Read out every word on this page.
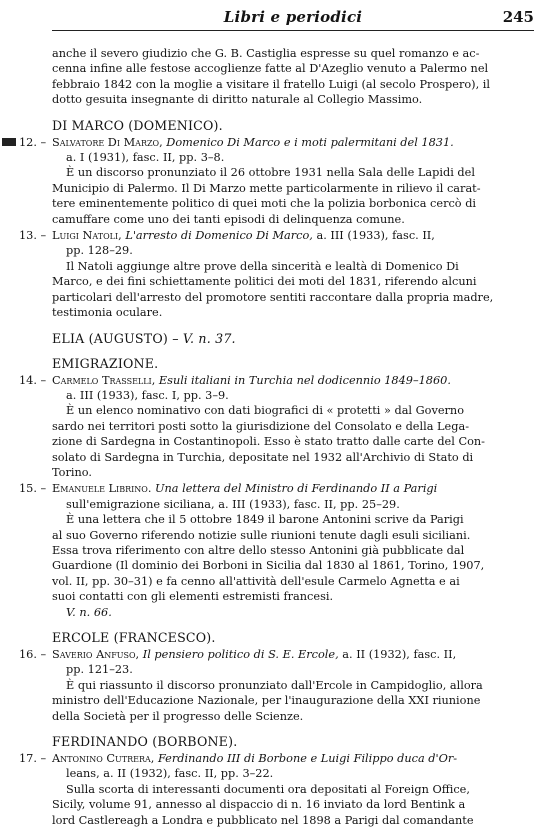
Libri e periodici	245

anche il severo giudizio che G. B. Castiglia espresse su quel romanzo e ac-

cenna infine alle festose accoglienze fatte al D'Azeglio venuto a Palermo nel

febbraio 1842 con la moglie a visitare il fratello Luigi (al secolo Prospero), il

dotto gesuita insegnante di diritto naturale al Collegio Massimo.

DI MARCO (DOMENICO).
12. – Salvatore Di Marzo, Domenico Di Marco e i moti palermitani del 1831.

a. I (1931), fasc. II, pp. 3–8.

È un discorso pronunziato il 26 ottobre 1931 nella Sala delle Lapidi del

Municipio di Palermo. Il Di Marzo mette particolarmente in rilievo il carat-

tere eminentemente politico di quei moti che la polizia borbonica cercò di

camuffare come uno dei tanti episodi di delinquenza comune.

13. – Luigi Natoli, L'arresto di Domenico Di Marco, a. III (1933), fasc. II,

pp. 128–29.

Il Natoli aggiunge altre prove della sincerità e lealtà di Domenico Di

Marco, e dei fini schiettamente politici dei moti del 1831, riferendo alcuni

particolari dell'arresto del promotore sentiti raccontare dalla propria madre,

testimonia oculare.

ELIA (AUGUSTO) – V. n. 37.
EMIGRAZIONE.
14. – Carmelo Trasselli, Esuli italiani in Turchia nel dodicennio 1849–1860.

a. III (1933), fasc. I, pp. 3–9.

È un elenco nominativo con dati biografici di « protetti » dal Governo

sardo nei territori posti sotto la giurisdizione del Consolato e della Lega-

zione di Sardegna in Costantinopoli. Esso è stato tratto dalle carte del Con-

solato di Sardegna in Turchia, depositate nel 1932 all'Archivio di Stato di

Torino.

15. – Emanuele Librino. Una lettera del Ministro di Ferdinando II a Parigi

sull'emigrazione siciliana, a. III (1933), fasc. II, pp. 25–29.

È una lettera che il 5 ottobre 1849 il barone Antonini scrive da Parigi

al suo Governo riferendo notizie sulle riunioni tenute dagli esuli siciliani.

Essa trova riferimento con altre dello stesso Antonini già pubblicate dal

Guardione (Il dominio dei Borboni in Sicilia dal 1830 al 1861, Torino, 1907,

vol. II, pp. 30–31) e fa cenno all'attività dell'esule Carmelo Agnetta e ai

suoi contatti con gli elementi estremisti francesi.

V. n. 66.

ERCOLE (FRANCESCO).
16. – Saverio Anfuso, Il pensiero politico di S. E. Ercole, a. II (1932), fasc. II,

pp. 121–23.

È qui riassunto il discorso pronunziato dall'Ercole in Campidoglio, allora

ministro dell'Educazione Nazionale, per l'inaugurazione della XXI riunione

della Società per il progresso delle Scienze.

FERDINANDO (BORBONE).
17. – Antonino Cutrera, Ferdinando III di Borbone e Luigi Filippo duca d'Or-

leans, a. II (1932), fasc. II, pp. 3–22.

Sulla scorta di interessanti documenti ora depositati al Foreign Office,

Sicily, volume 91, annesso al dispaccio di n. 16 inviato da lord Bentink a

lord Castlereagh a Londra e pubblicato nel 1898 a Parigi dal comandante
